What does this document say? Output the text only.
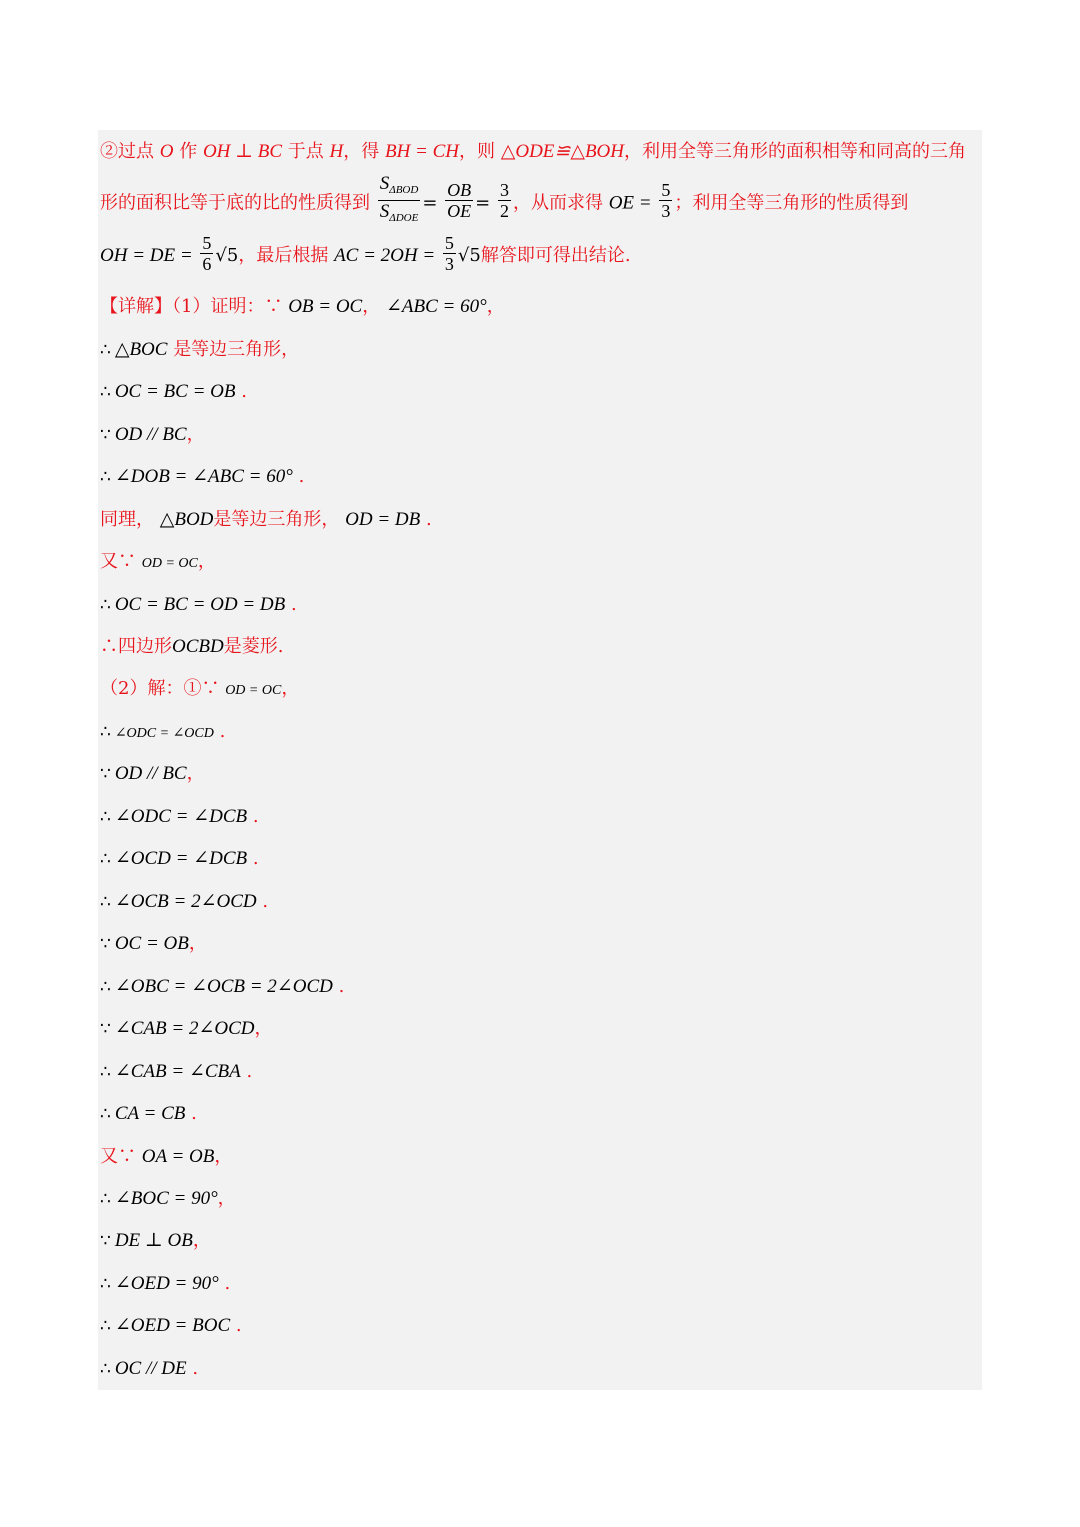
②过点 O 作 OH ⊥ BC 于点 H，得 BH = CH，则 △ODE≌△BOH，利用全等三角形的面积相等和同高的三角
形的面积比等于底的比的性质得到 $\frac{S_{\Delta BOD}}{S_{\Delta DOE}} = \frac{OB}{OE} = \frac{3}{2}$ ，从而求得 OE = $\frac{5}{3}$ ；利用全等三角形的性质得到
OH = DE = $\frac{5}{6} √5$，最后根据 AC = $2OH = \frac{5}{3} √5$解答即可得出结论.
【详解】（1）证明：∵ OB = OC， ∠ABC = 60°，
∴ △BOC 是等边三角形，
∴ OC = BC = OB .
∵ OD // BC，
∴ ∠DOB = ∠ABC = 60° .
同理， △BOD是等边三角形， OD = DB .
又∵ OD = OC，
∴ OC = BC = OD = DB .
∴四边形OCBD是菱形.
（2）解：①∵ OD = OC，
∴ ∠ODC = ∠OCD .
∵ OD // BC，
∴ ∠ODC = ∠DCB .
∴ ∠OCD = ∠DCB .
∴ ∠OCB = 2∠OCD .
∵ OC = OB，
∴ ∠OBC = ∠OCB = 2∠OCD .
∵ ∠CAB = 2∠OCD，
∴ ∠CAB = ∠CBA .
∴ CA = CB .
又∵ OA = OB，
∴ ∠BOC = 90°，
∵ DE ⊥ OB，
∴ ∠OED = 90° .
∴ ∠OED = BOC .
∴ OC // DE .
